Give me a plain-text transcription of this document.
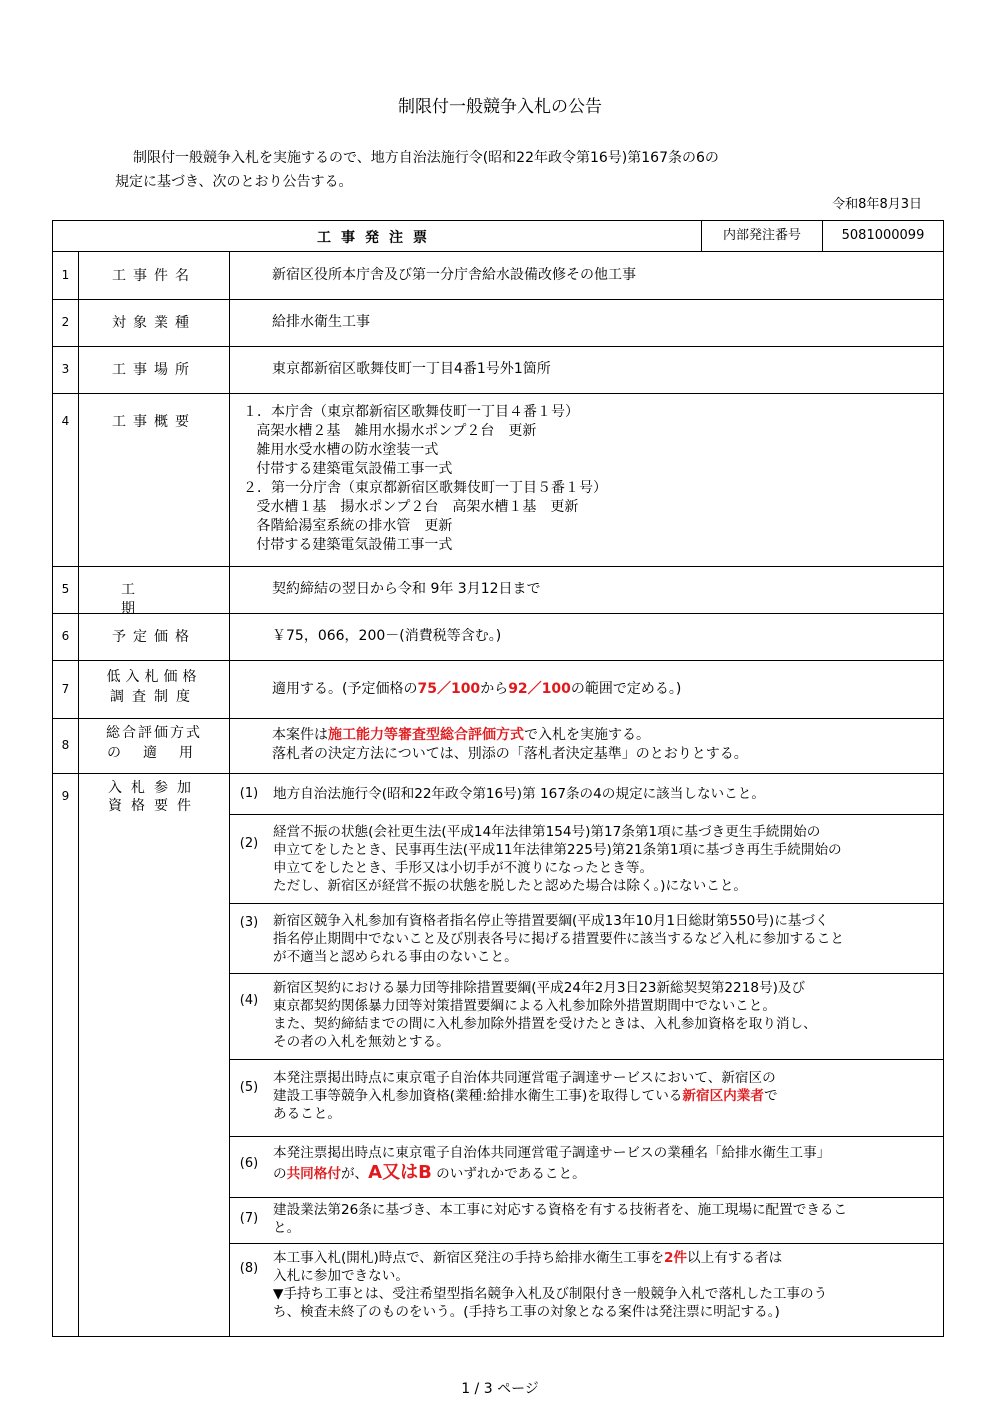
制限付一般競争入札の公告
制限付一般競争入札を実施するので、地方自治法施行令(昭和22年政令第16号)第167条の6の
規定に基づき、次のとおり公告する。
令和8年8月3日
工事発注票	内部発注番号	5081000099
1	工事件名	新宿区役所本庁舎及び第一分庁舎給水設備改修その他工事
2	対象業種	給排水衛生工事
3	工事場所	東京都新宿区歌舞伎町一丁目4番1号外1箇所
4	工事概要
１．本庁舎（東京都新宿区歌舞伎町一丁目４番１号）
高架水槽２基　雑用水揚水ポンプ２台　更新
雑用水受水槽の防水塗装一式
付帯する建築電気設備工事一式
２．第一分庁舎（東京都新宿区歌舞伎町一丁目５番１号）
受水槽１基　揚水ポンプ２台　高架水槽１基　更新
各階給湯室系統の排水管　更新
付帯する建築電気設備工事一式
5	工期
契約締結の翌日から令和 9年 3月12日まで
6	予定価格	￥75，066，200－(消費税等含む。)
7
低入札価格
調査制度	適用する。(予定価格の75／100から92／100の範囲で定める。)
8
総合評価方式
の適用
本案件は施工能力等審査型総合評価方式で入札を実施する。
落札者の決定方法については、別添の「落札者決定基準」のとおりとする。
9	入札参加
資格要件
(1)	地方自治法施行令(昭和22年政令第16号)第 167条の4の規定に該当しないこと。
(2)
経営不振の状態(会社更生法(平成14年法律第154号)第17条第1項に基づき更生手続開始の
申立てをしたとき、民事再生法(平成11年法律第225号)第21条第1項に基づき再生手続開始の
申立てをしたとき、手形又は小切手が不渡りになったとき等。
ただし、新宿区が経営不振の状態を脱したと認めた場合は除く。)にないこと。
(3)	新宿区競争入札参加有資格者指名停止等措置要綱(平成13年10月1日総財第550号)に基づく
指名停止期間中でないこと及び別表各号に掲げる措置要件に該当するなど入札に参加すること
が不適当と認められる事由のないこと。
(4)
新宿区契約における暴力団等排除措置要綱(平成24年2月3日23新総契契第2218号)及び
東京都契約関係暴力団等対策措置要綱による入札参加除外措置期間中でないこと。
また、契約締結までの間に入札参加除外措置を受けたときは、入札参加資格を取り消し、
その者の入札を無効とする。
(5)
本発注票掲出時点に東京電子自治体共同運営電子調達サービスにおいて、新宿区の
建設工事等競争入札参加資格(業種:給排水衛生工事)を取得している新宿区内業者で
あること。
(6)
本発注票掲出時点に東京電子自治体共同運営電子調達サービスの業種名「給排水衛生工事」
の共同格付が、A又はB のいずれかであること。
(7)
建設業法第26条に基づき、本工事に対応する資格を有する技術者を、施工現場に配置できるこ
と。
(8)
本工事入札(開札)時点で、新宿区発注の手持ち給排水衛生工事を2件以上有する者は
入札に参加できない。
▼手持ち工事とは、受注希望型指名競争入札及び制限付き一般競争入札で落札した工事のう
ち、検査未終了のものをいう。(手持ち工事の対象となる案件は発注票に明記する。)
1 / 3 ページ
